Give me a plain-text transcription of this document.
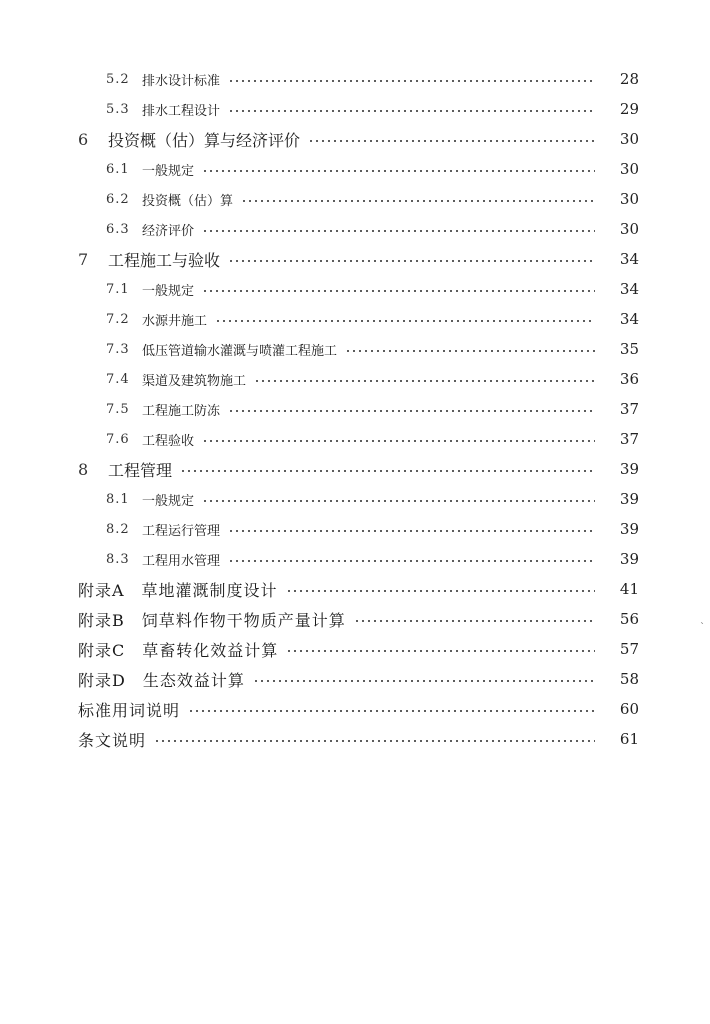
5.2 排水设计标准	28
5.3 排水工程设计	29
6	投资概（估）算与经济评价	30
6.1 一般规定	30
6.2 投资概（估）算	30
6.3 经济评价	30
7	工程施工与验收	34
7.1 一般规定	34
7.2 水源井施工	34
7.3 低压管道输水灌溉与喷灌工程施工	35
7.4 渠道及建筑物施工	36
7.5 工程施工防冻	37
7.6 工程验收	37
8	工程管理	39
8.1 一般规定	39
8.2 工程运行管理	39
8.3 工程用水管理	39
附录A　草地灌溉制度设计	41
附录B　饲草料作物干物质产量计算	56
附录C　草畜转化效益计算	57
附录D　生态效益计算	58
标准用词说明	60
条文说明	61
ˋ
